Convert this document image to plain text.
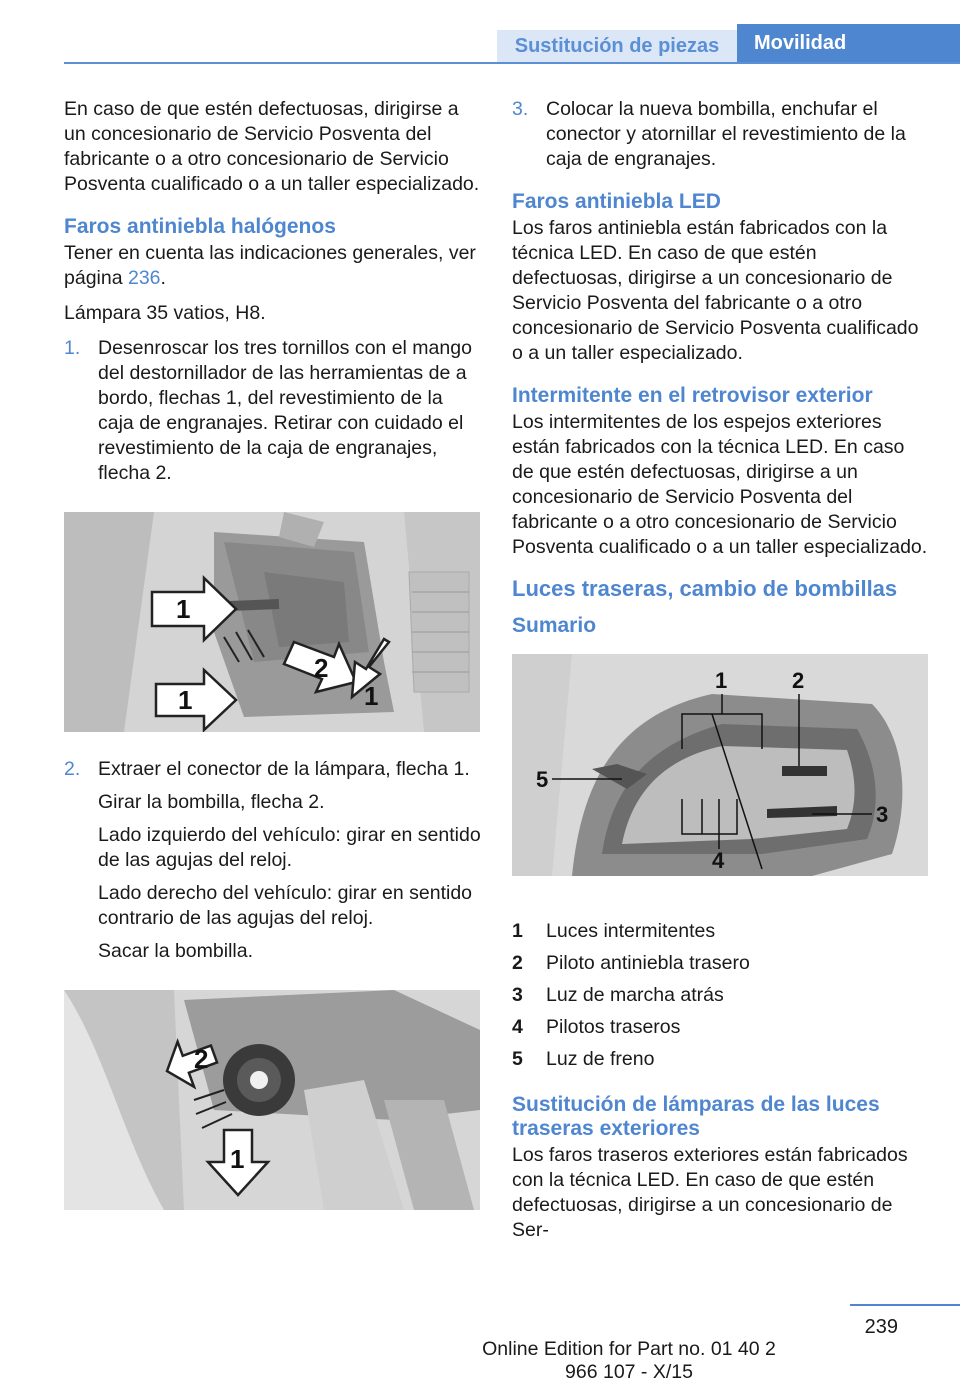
Sustitución de piezas	Movilidad

En caso de que estén defectuosas, dirigirse a un concesionario de Servicio Posventa del fabricante o a otro concesionario de Servicio Posventa cualificado o a un taller especializado.

Faros antiniebla halógenos

Tener en cuenta las indicaciones generales, ver página 236.

Lámpara 35 vatios, H8.

1. Desenroscar los tres tornillos con el mango del destornillador de las herramientas de a bordo, flechas 1, del revestimiento de la caja de engranajes. Retirar con cuidado el revestimiento de la caja de engranajes, flecha 2.

1
2
1	1
2. Extraer el conector de la lámpara, flecha 1.

Girar la bombilla, flecha 2.

Lado izquierdo del vehículo: girar en sentido de las agujas del reloj.

Lado derecho del vehículo: girar en sentido contrario de las agujas del reloj.

Sacar la bombilla.

2
1
3. Colocar la nueva bombilla, enchufar el conector y atornillar el revestimiento de la caja de engranajes.

Faros antiniebla LED

Los faros antiniebla están fabricados con la técnica LED. En caso de que estén defectuosas, dirigirse a un concesionario de Servicio Posventa del fabricante o a otro concesionario de Servicio Posventa cualificado o a un taller especializado.

Intermitente en el retrovisor exterior

Los intermitentes de los espejos exteriores están fabricados con la técnica LED. En caso de que estén defectuosas, dirigirse a un concesionario de Servicio Posventa del fabricante o a otro concesionario de Servicio Posventa cualificado o a un taller especializado.

Luces traseras, cambio de bombillas
Sumario
1	2
3
4
5
1	Luces intermitentes
2	Piloto antiniebla trasero
3	Luz de marcha atrás
4	Pilotos traseros
5	Luz de freno
Sustitución de lámparas de las luces traseras exteriores

Los faros traseros exteriores están fabricados con la técnica LED. En caso de que estén defectuosas, dirigirse a un concesionario de Ser-

239
Online Edition for Part no. 01 40 2 966 107 - X/15
